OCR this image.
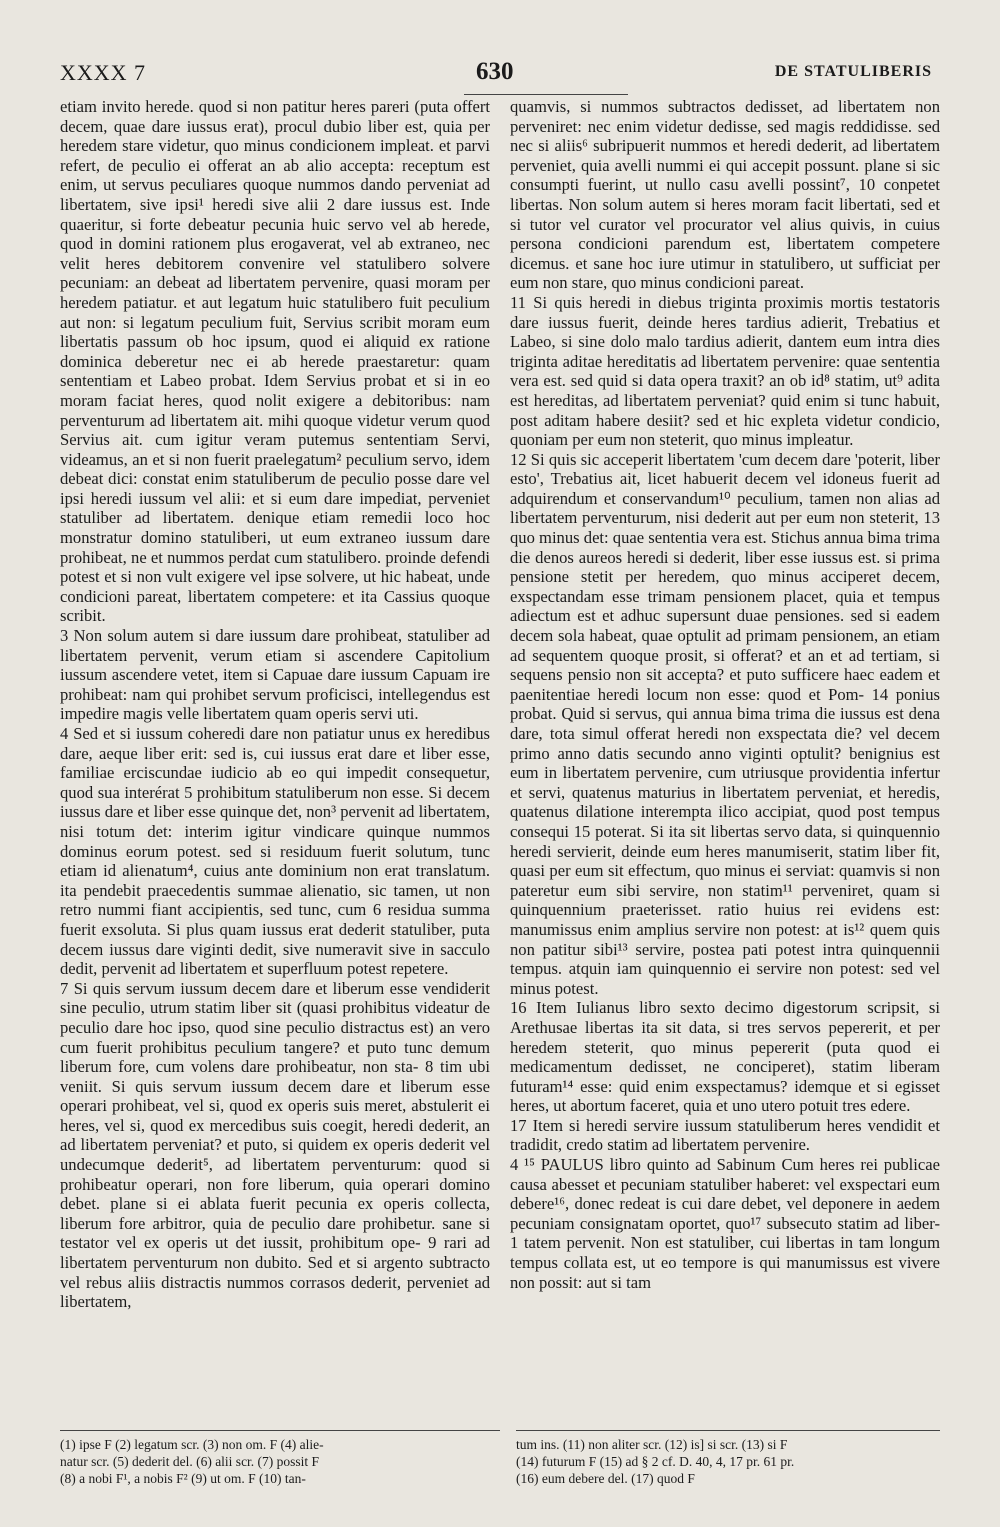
XXXX 7	630	DE STATULIBERIS

etiam invito herede. quod si non patitur heres pareri (puta offert decem, quae dare iussus erat), procul dubio liber est, quia per heredem stare videtur, quo minus condicionem impleat. et parvi refert, de peculio ei offerat an ab alio accepta: receptum est enim, ut servus peculiares quoque nummos dando perveniat ad libertatem, sive ipsi¹ heredi sive alii 2 dare iussus est. Inde quaeritur, si forte debeatur pecunia huic servo vel ab herede, quod in domini rationem plus erogaverat, vel ab extraneo, nec velit heres debitorem convenire vel statulibero solvere pecuniam: an debeat ad libertatem pervenire, quasi moram per heredem patiatur. et aut legatum huic statulibero fuit peculium aut non: si legatum peculium fuit, Servius scribit moram eum libertatis passum ob hoc ipsum, quod ei aliquid ex ratione dominica deberetur nec ei ab herede praestaretur: quam sententiam et Labeo probat. Idem Servius probat et si in eo moram faciat heres, quod nolit exigere a debitoribus: nam perventurum ad libertatem ait. mihi quoque videtur verum quod Servius ait. cum igitur veram putemus sententiam Servi, videamus, an et si non fuerit praelegatum² peculium servo, idem debeat dici: constat enim statuliberum de peculio posse dare vel ipsi heredi iussum vel alii: et si eum dare impediat, perveniet statuliber ad libertatem. denique etiam remedii loco hoc monstratur domino statuliberi, ut eum extraneo iussum dare prohibeat, ne et nummos perdat cum statulibero. proinde defendi potest et si non vult exigere vel ipse solvere, ut hic habeat, unde condicioni pareat, libertatem competere: et ita Cassius quoque scribit.

3 Non solum autem si dare iussum dare prohibeat, statuliber ad libertatem pervenit, verum etiam si ascendere Capitolium iussum ascendere vetet, item si Capuae dare iussum Capuam ire prohibeat: nam qui prohibet servum proficisci, intellegendus est impedire magis velle libertatem quam operis servi uti.

4 Sed et si iussum coheredi dare non patiatur unus ex heredibus dare, aeque liber erit: sed is, cui iussus erat dare et liber esse, familiae erciscundae iudicio ab eo qui impedit consequetur, quod sua interérat 5 prohibitum statuliberum non esse. Si decem iussus dare et liber esse quinque det, non³ pervenit ad libertatem, nisi totum det: interim igitur vindicare quinque nummos dominus eorum potest. sed si residuum fuerit solutum, tunc etiam id alienatum⁴, cuius ante dominium non erat translatum. ita pendebit praecedentis summae alienatio, sic tamen, ut non retro nummi fiant accipientis, sed tunc, cum 6 residua summa fuerit exsoluta. Si plus quam iussus erat dederit statuliber, puta decem iussus dare viginti dedit, sive numeravit sive in sacculo dedit, pervenit ad libertatem et superfluum potest repetere.

7 Si quis servum iussum decem dare et liberum esse vendiderit sine peculio, utrum statim liber sit (quasi prohibitus videatur de peculio dare hoc ipso, quod sine peculio distractus est) an vero cum fuerit prohibitus peculium tangere? et puto tunc demum liberum fore, cum volens dare prohibeatur, non sta- 8 tim ubi veniit. Si quis servum iussum decem dare et liberum esse operari prohibeat, vel si, quod ex operis suis meret, abstulerit ei heres, vel si, quod ex mercedibus suis coegit, heredi dederit, an ad libertatem perveniat? et puto, si quidem ex operis dederit vel undecumque dederit⁵, ad libertatem perventurum: quod si prohibeatur operari, non fore liberum, quia operari domino debet. plane si ei ablata fuerit pecunia ex operis collecta, liberum fore arbitror, quia de peculio dare prohibetur. sane si testator vel ex operis ut det iussit, prohibitum ope- 9 rari ad libertatem perventurum non dubito. Sed et si argento subtracto vel rebus aliis distractis nummos corrasos dederit, perveniet ad libertatem,

quamvis, si nummos subtractos dedisset, ad libertatem non perveniret: nec enim videtur dedisse, sed magis reddidisse. sed nec si aliis⁶ subripuerit nummos et heredi dederit, ad libertatem perveniet, quia avelli nummi ei qui accepit possunt. plane si sic consumpti fuerint, ut nullo casu avelli possint⁷, 10 conpetet libertas. Non solum autem si heres moram facit libertati, sed et si tutor vel curator vel procurator vel alius quivis, in cuius persona condicioni parendum est, libertatem competere dicemus. et sane hoc iure utimur in statulibero, ut sufficiat per eum non stare, quo minus condicioni pareat.

11 Si quis heredi in diebus triginta proximis mortis testatoris dare iussus fuerit, deinde heres tardius adierit, Trebatius et Labeo, si sine dolo malo tardius adierit, dantem eum intra dies triginta aditae hereditatis ad libertatem pervenire: quae sententia vera est. sed quid si data opera traxit? an ob id⁸ statim, ut⁹ adita est hereditas, ad libertatem perveniat? quid enim si tunc habuit, post aditam habere desiit? sed et hic expleta videtur condicio, quoniam per eum non steterit, quo minus impleatur.

12 Si quis sic acceperit libertatem 'cum decem dare 'poterit, liber esto', Trebatius ait, licet habuerit decem vel idoneus fuerit ad adquirendum et conservandum¹⁰ peculium, tamen non alias ad libertatem perventurum, nisi dederit aut per eum non steterit, 13 quo minus det: quae sententia vera est. Stichus annua bima trima die denos aureos heredi si dederit, liber esse iussus est. si prima pensione stetit per heredem, quo minus acciperet decem, exspectandam esse trimam pensionem placet, quia et tempus adiectum est et adhuc supersunt duae pensiones. sed si eadem decem sola habeat, quae optulit ad primam pensionem, an etiam ad sequentem quoque prosit, si offerat? et an et ad tertiam, si sequens pensio non sit accepta? et puto sufficere haec eadem et paenitentiae heredi locum non esse: quod et Pom- 14 ponius probat. Quid si servus, qui annua bima trima die iussus est dena dare, tota simul offerat heredi non exspectata die? vel decem primo anno datis secundo anno viginti optulit? benignius est eum in libertatem pervenire, cum utriusque providentia infertur et servi, quatenus maturius in libertatem perveniat, et heredis, quatenus dilatione interempta ilico accipiat, quod post tempus consequi 15 poterat. Si ita sit libertas servo data, si quinquennio heredi servierit, deinde eum heres manumiserit, statim liber fit, quasi per eum sit effectum, quo minus ei serviat: quamvis si non pateretur eum sibi servire, non statim¹¹ perveniret, quam si quinquennium praeterisset. ratio huius rei evidens est: manumissus enim amplius servire non potest: at is¹² quem quis non patitur sibi¹³ servire, postea pati potest intra quinquennii tempus. atquin iam quinquennio ei servire non potest: sed vel minus potest.

16 Item Iulianus libro sexto decimo digestorum scripsit, si Arethusae libertas ita sit data, si tres servos pepererit, et per heredem steterit, quo minus pepererit (puta quod ei medicamentum dedisset, ne conciperet), statim liberam futuram¹⁴ esse: quid enim exspectamus? idemque et si egisset heres, ut abortum faceret, quia et uno utero potuit tres edere.

17 Item si heredi servire iussum statuliberum heres vendidit et tradidit, credo statim ad libertatem pervenire.

4 ¹⁵ PAULUS libro quinto ad Sabinum Cum heres rei publicae causa abesset et pecuniam statuliber haberet: vel exspectari eum debere¹⁶, donec redeat is cui dare debet, vel deponere in aedem pecuniam consignatam oportet, quo¹⁷ subsecuto statim ad liber- 1 tatem pervenit. Non est statuliber, cui libertas in tam longum tempus collata est, ut eo tempore is qui manumissus est vivere non possit: aut si tam

(1) ipse F (2) legatum scr. (3) non om. F (4) alie-
natur scr. (5) dederit del. (6) alii scr. (7) possit F
(8) a nobi F¹, a nobis F² (9) ut om. F (10) tan-
tum ins. (11) non aliter scr. (12) is] si scr. (13) si F
(14) futurum F (15) ad § 2 cf. D. 40, 4, 17 pr. 61 pr.
(16) eum debere del. (17) quod F
